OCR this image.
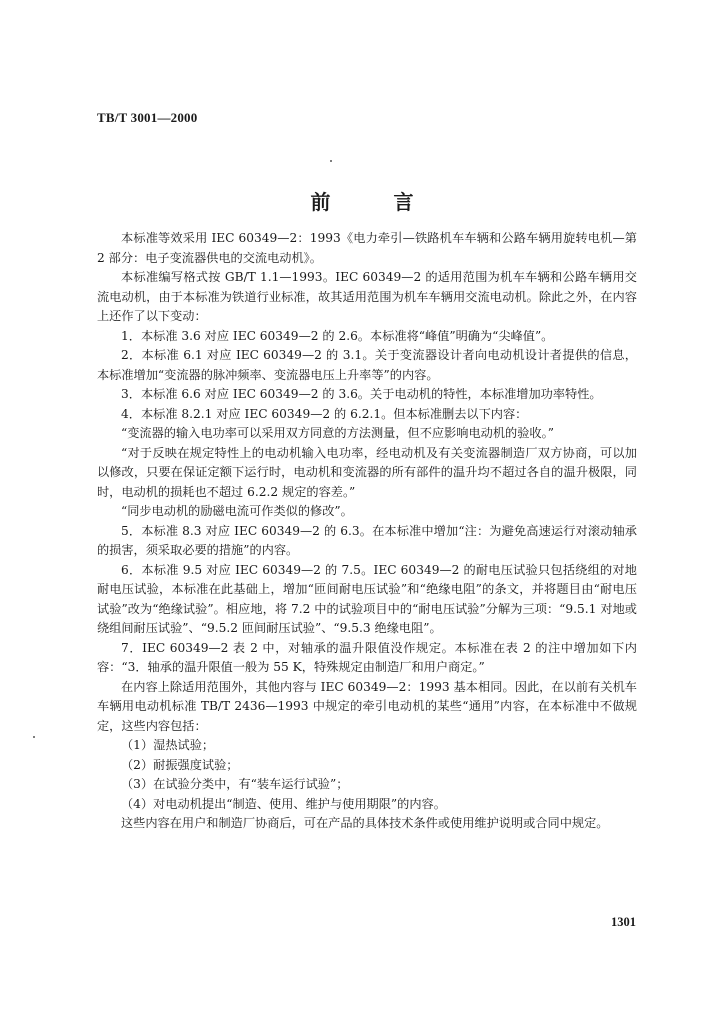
TB/T 3001—2000
前 言

本标准等效采用 IEC 60349—2：1993《电力牵引—铁路机车车辆和公路车辆用旋转电机—第 2 部分：电子变流器供电的交流电动机》。

本标准编写格式按 GB/T 1.1—1993。IEC 60349—2 的适用范围为机车车辆和公路车辆用交流电动机，由于本标准为铁道行业标准，故其适用范围为机车车辆用交流电动机。除此之外，在内容上还作了以下变动：

1．本标准 3.6 对应 IEC 60349—2 的 2.6。本标准将“峰值”明确为“尖峰值”。

2．本标准 6.1 对应 IEC 60349—2 的 3.1。关于变流器设计者向电动机设计者提供的信息，本标准增加“变流器的脉冲频率、变流器电压上升率等”的内容。

3．本标准 6.6 对应 IEC 60349—2 的 3.6。关于电动机的特性，本标准增加功率特性。

4．本标准 8.2.1 对应 IEC 60349—2 的 6.2.1。但本标准删去以下内容：

“变流器的输入电功率可以采用双方同意的方法测量，但不应影响电动机的验收。”

“对于反映在规定特性上的电动机输入电功率，经电动机及有关变流器制造厂双方协商，可以加以修改，只要在保证定额下运行时，电动机和变流器的所有部件的温升均不超过各自的温升极限，同时，电动机的损耗也不超过 6.2.2 规定的容差。”

“同步电动机的励磁电流可作类似的修改”。

5．本标准 8.3 对应 IEC 60349—2 的 6.3。在本标准中增加“注：为避免高速运行对滚动轴承的损害，须采取必要的措施”的内容。

6．本标准 9.5 对应 IEC 60349—2 的 7.5。IEC 60349—2 的耐电压试验只包括绕组的对地耐电压试验，本标准在此基础上，增加“匝间耐电压试验”和“绝缘电阻”的条文，并将题目由“耐电压试验”改为“绝缘试验”。相应地，将 7.2 中的试验项目中的“耐电压试验”分解为三项：“9.5.1 对地或绕组间耐压试验”、“9.5.2 匝间耐压试验”、“9.5.3 绝缘电阻”。

7．IEC 60349—2 表 2 中，对轴承的温升限值没作规定。本标准在表 2 的注中增加如下内容：“3．轴承的温升限值一般为 55 K，特殊规定由制造厂和用户商定。”

在内容上除适用范围外，其他内容与 IEC 60349—2：1993 基本相同。因此，在以前有关机车车辆用电动机标准 TB/T 2436—1993 中规定的牵引电动机的某些“通用”内容，在本标准中不做规定，这些内容包括：

（1）湿热试验；

（2）耐振强度试验；

（3）在试验分类中，有“装车运行试验”；

（4）对电动机提出“制造、使用、维护与使用期限”的内容。

这些内容在用户和制造厂协商后，可在产品的具体技术条件或使用维护说明或合同中规定。

1301
